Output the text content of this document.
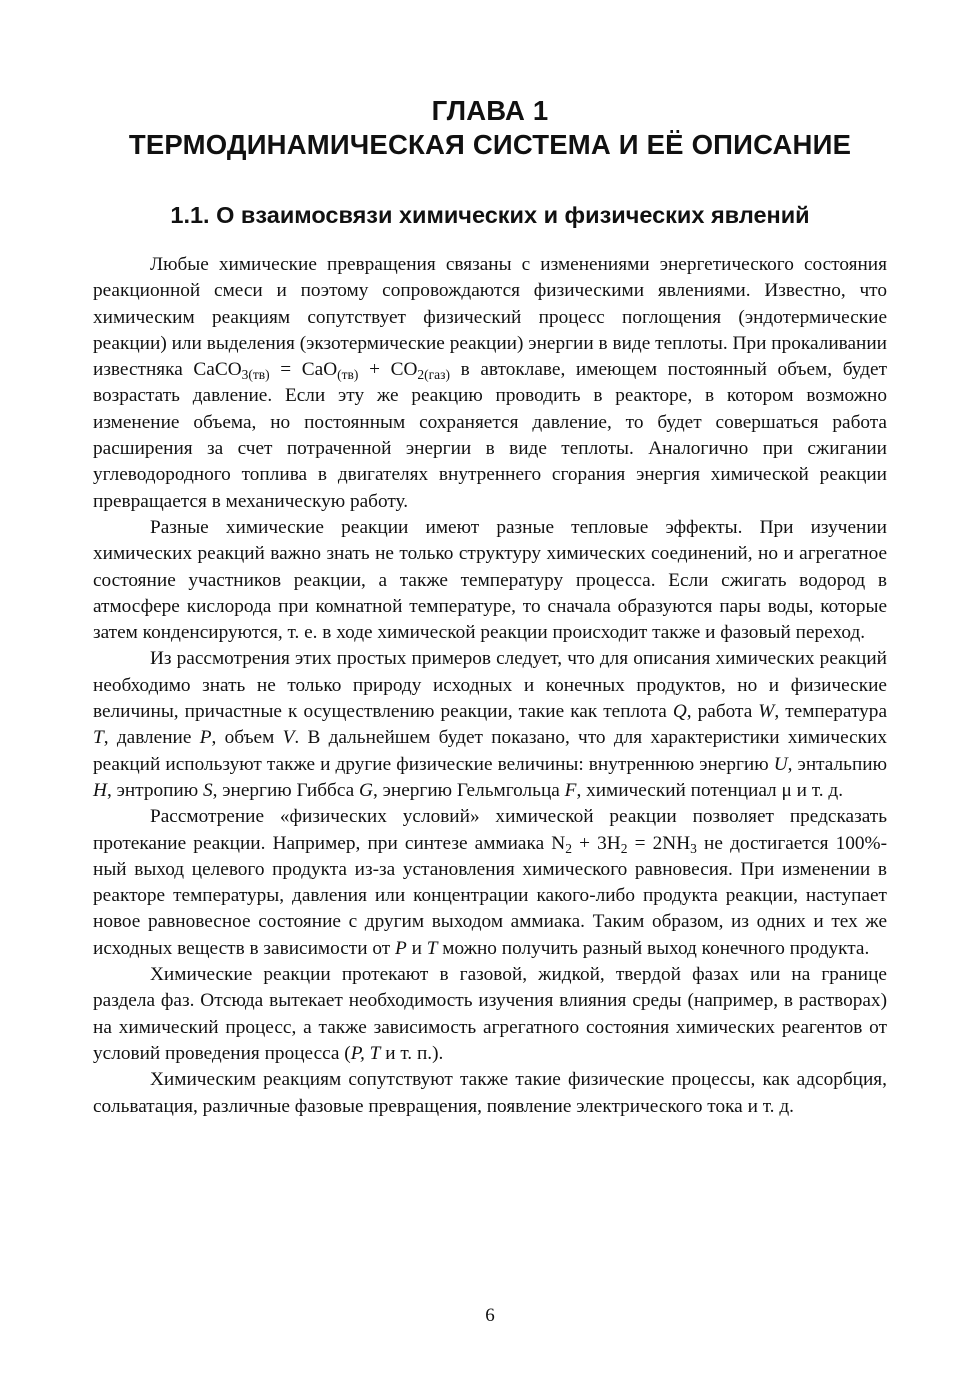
ГЛАВА 1
ТЕРМОДИНАМИЧЕСКАЯ СИСТЕМА И ЕЁ ОПИСАНИЕ
1.1. О взаимосвязи химических и физических явлений

Любые химические превращения связаны с изменениями энергетического состояния реакционной смеси и поэтому сопровождаются физическими явлениями. Известно, что химическим реакциям сопутствует физический процесс поглощения (эндотермические реакции) или выделения (экзотермические реакции) энергии в виде теплоты. При прокаливании известняка CaCO$_{3(тв)}$ = $CaO_{(тв)} + CO_{2(газ)}$ в автоклаве, имеющем постоянный объем, будет возрастать давление. Если эту же реакцию проводить в реакторе, в котором возможно изменение объема, но постоянным сохраняется давление, то будет совершаться работа расширения за счет потраченной энергии в виде теплоты. Аналогично при сжигании углеводородного топлива в двигателях внутреннего сгорания энергия химической реакции превращается в механическую работу.

Разные химические реакции имеют разные тепловые эффекты. При изучении химических реакций важно знать не только структуру химических соединений, но и агрегатное состояние участников реакции, а также температуру процесса. Если сжигать водород в атмосфере кислорода при комнатной температуре, то сначала образуются пары воды, которые затем конденсируются, т. е. в ходе химической реакции происходит также и фазовый переход.

Из рассмотрения этих простых примеров следует, что для описания химических реакций необходимо знать не только природу исходных и конечных продуктов, но и физические величины, причастные к осуществлению реакции, такие как теплота Q, работа W, температура T, давление P, объем V. В дальнейшем будет показано, что для характеристики химических реакций используют также и другие физические величины: внутреннюю энергию U, энтальпию H, энтропию S, энергию Гиббса G, энергию Гельмгольца F, химический потенциал μ и т. д.

Рассмотрение «физических условий» химической реакции позволяет предсказать протекание реакции. Например, при синтезе аммиака $N_2 + 3H_2 = 2NH_3$ не достигается 100%-ный выход целевого продукта из-за установления химического равновесия. При изменении в реакторе температуры, давления или концентрации какого-либо продукта реакции, наступает новое равновесное состояние с другим выходом аммиака. Таким образом, из одних и тех же исходных веществ в зависимости от P и T можно получить разный выход конечного продукта.

Химические реакции протекают в газовой, жидкой, твердой фазах или на границе раздела фаз. Отсюда вытекает необходимость изучения влияния среды (например, в растворах) на химический процесс, а также зависимость агрегатного состояния химических реагентов от условий проведения процесса (P, T и т. п.).

Химическим реакциям сопутствуют также такие физические процессы, как адсорбция, сольватация, различные фазовые превращения, появление электрического тока и т. д.

6
